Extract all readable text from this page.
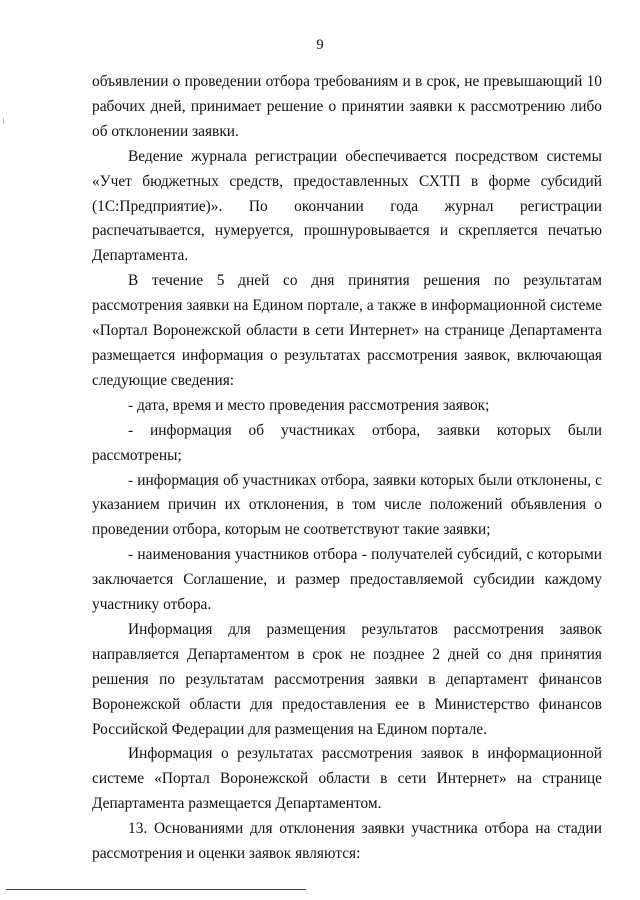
9

объявлении о проведении отбора требованиям и в срок, не превышающий 10 рабочих дней, принимает решение о принятии заявки к рассмотрению либо об отклонении заявки.

Ведение журнала регистрации обеспечивается посредством системы «Учет бюджетных средств, предоставленных СХТП в форме субсидий (1С:Предприятие)». По окончании года журнал регистрации распечатывается, нумеруется, прошнуровывается и скрепляется печатью Департамента.

В течение 5 дней со дня принятия решения по результатам рассмотрения заявки на Едином портале, а также в информационной системе «Портал Воронежской области в сети Интернет» на странице Департамента размещается информация о результатах рассмотрения заявок, включающая следующие сведения:

- дата, время и место проведения рассмотрения заявок;

- информация об участниках отбора, заявки которых были рассмотрены;

- информация об участниках отбора, заявки которых были отклонены, с указанием причин их отклонения, в том числе положений объявления о проведении отбора, которым не соответствуют такие заявки;

- наименования участников отбора - получателей субсидий, с которыми заключается Соглашение, и размер предоставляемой субсидии каждому участнику отбора.

Информация для размещения результатов рассмотрения заявок направляется Департаментом в срок не позднее 2 дней со дня принятия решения по результатам рассмотрения заявки в департамент финансов Воронежской области для предоставления ее в Министерство финансов Российской Федерации для размещения на Едином портале.

Информация о результатах рассмотрения заявок в информационной системе «Портал Воронежской области в сети Интернет» на странице Департамента размещается Департаментом.

13. Основаниями для отклонения заявки участника отбора на стадии рассмотрения и оценки заявок являются:
